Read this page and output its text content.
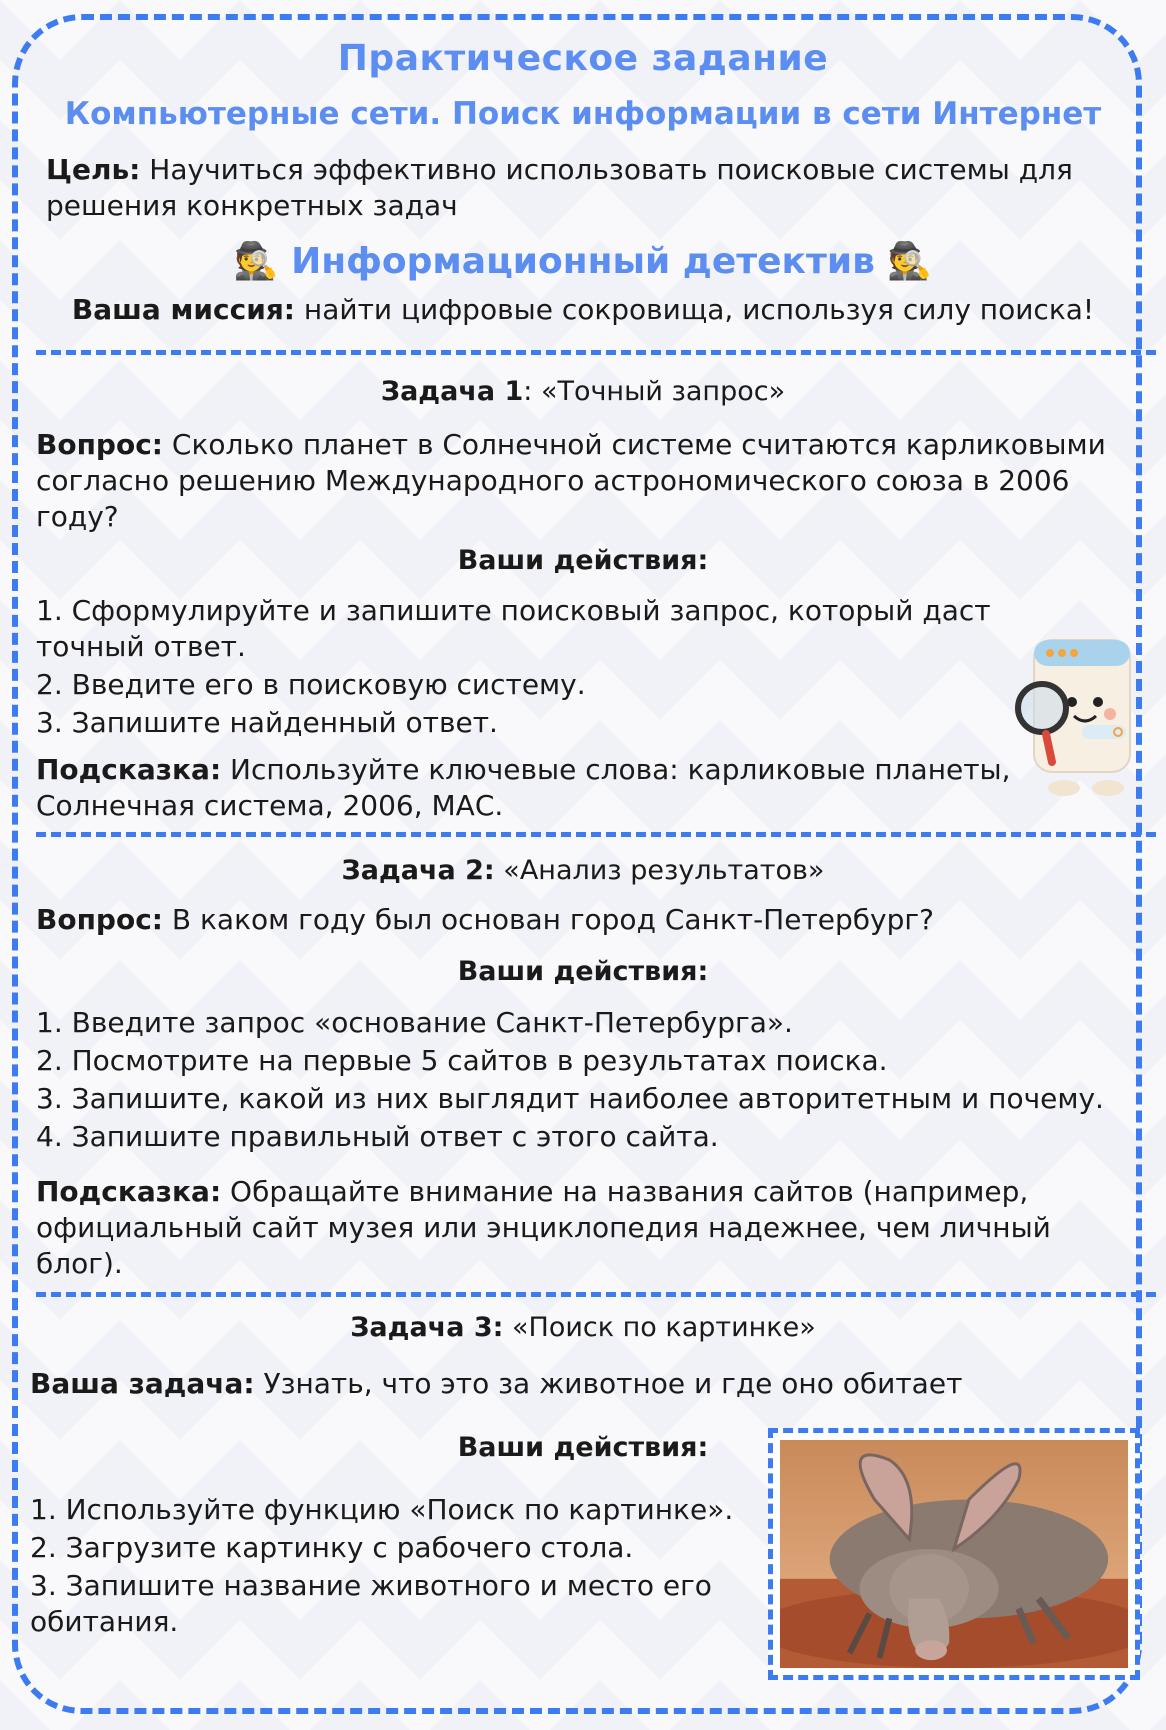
Практическое задание
Компьютерные сети. Поиск информации в сети Интернет
Цель: Научиться эффективно использовать поисковые системы для решения конкретных задач
🕵 Информационный детектив 🕵
Ваша миссия: найти цифровые сокровища, используя силу поиска!
Задача 1: «Точный запрос»
Вопрос: Сколько планет в Солнечной системе считаются карликовыми согласно решению Международного астрономического союза в 2006 году?
Ваши действия:
1. Сформулируйте и запишите поисковый запрос, который даст точный ответ.
2. Введите его в поисковую систему.
3. Запишите найденный ответ.
Подсказка: Используйте ключевые слова: карликовые планеты, Солнечная система, 2006, МАС.
Задача 2: «Анализ результатов»
Вопрос: В каком году был основан город Санкт-Петербург?
Ваши действия:
1. Введите запрос «основание Санкт-Петербурга».
2. Посмотрите на первые 5 сайтов в результатах поиска.
3. Запишите, какой из них выглядит наиболее авторитетным и почему.
4. Запишите правильный ответ с этого сайта.
Подсказка: Обращайте внимание на названия сайтов (например, официальный сайт музея или энциклопедия надежнее, чем личный блог).
Задача 3: «Поиск по картинке»
Ваша задача: Узнать, что это за животное и где оно обитает
Ваши действия:
1. Используйте функцию «Поиск по картинке».
2. Загрузите картинку с рабочего стола.
3. Запишите название животного и место его обитания.
